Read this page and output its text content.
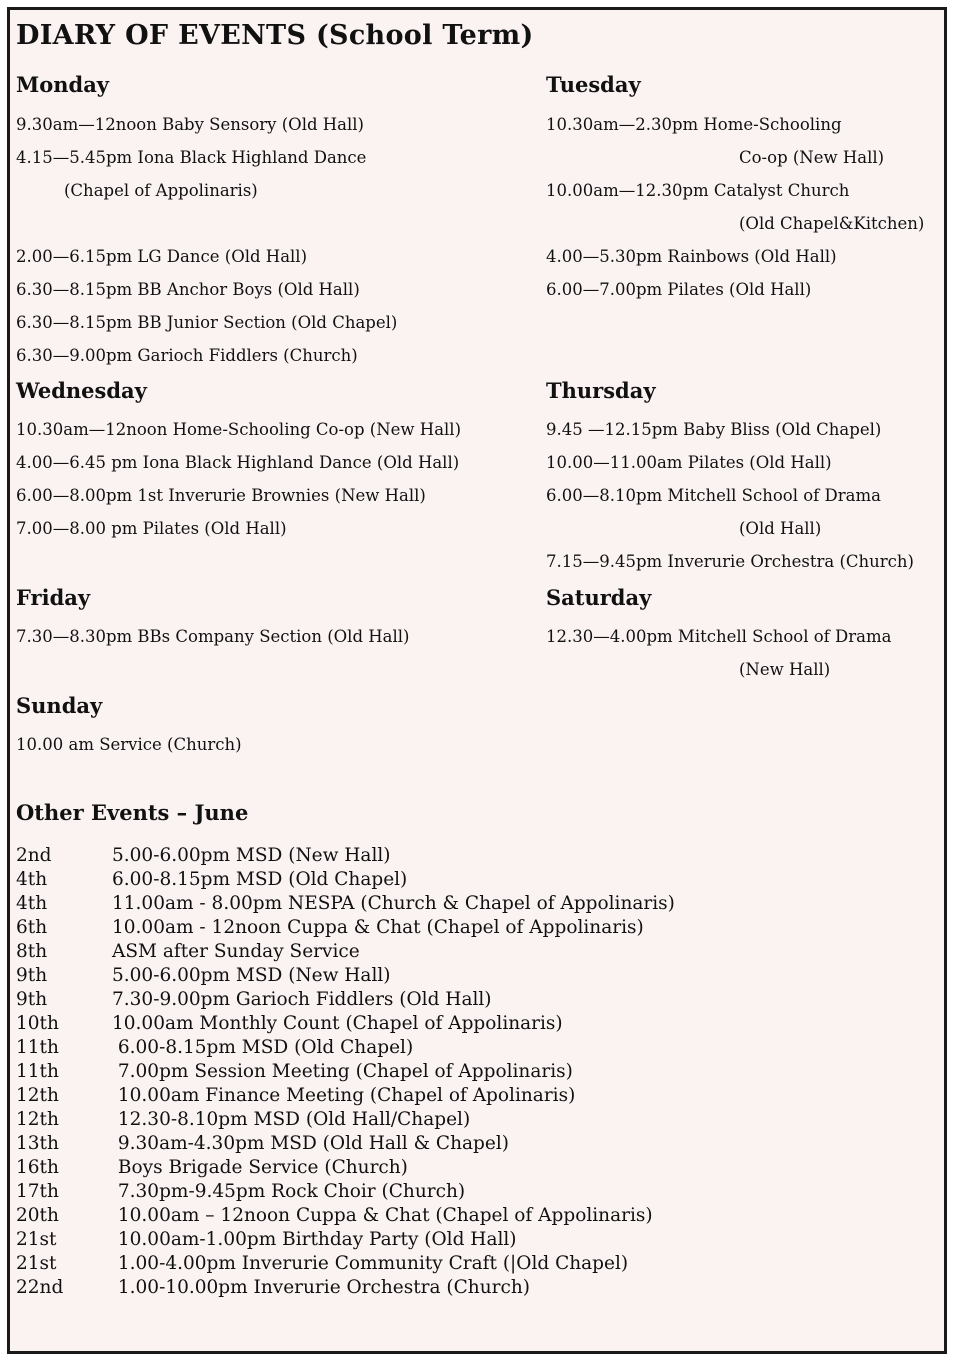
DIARY OF EVENTS (School Term)
Monday
9.30am—12noon Baby Sensory (Old Hall)
4.15—5.45pm Iona Black Highland Dance
(Chapel of Appolinaris)
2.00—6.15pm LG Dance (Old Hall)
6.30—8.15pm BB Anchor Boys (Old Hall)
6.30—8.15pm BB Junior Section (Old Chapel)
6.30—9.00pm Garioch Fiddlers (Church)
Tuesday
10.30am—2.30pm Home-Schooling
Co-op (New Hall)
10.00am—12.30pm Catalyst Church
(Old Chapel&Kitchen)
4.00—5.30pm Rainbows (Old Hall)
6.00—7.00pm Pilates (Old Hall)
Wednesday
10.30am—12noon Home-Schooling Co-op (New Hall)
4.00—6.45 pm Iona Black Highland Dance (Old Hall)
6.00—8.00pm 1st Inverurie Brownies (New Hall)
7.00—8.00 pm Pilates (Old Hall)
Thursday
9.45 —12.15pm Baby Bliss (Old Chapel)
10.00—11.00am Pilates (Old Hall)
6.00—8.10pm Mitchell School of Drama
(Old Hall)
7.15—9.45pm Inverurie Orchestra (Church)
Friday
7.30—8.30pm BBs Company Section (Old Hall)
Saturday
12.30—4.00pm Mitchell School of Drama
(New Hall)
Sunday
10.00 am Service (Church)
Other Events – June
2nd	5.00-6.00pm MSD (New Hall)
4th	6.00-8.15pm MSD (Old Chapel)
4th	11.00am - 8.00pm NESPA (Church & Chapel of Appolinaris)
6th	10.00am - 12noon Cuppa & Chat (Chapel of Appolinaris)
8th	ASM after Sunday Service
9th	5.00-6.00pm MSD (New Hall)
9th	7.30-9.00pm Garioch Fiddlers (Old Hall)
10th	10.00am Monthly Count (Chapel of Appolinaris)
11th	6.00-8.15pm MSD (Old Chapel)
11th	7.00pm Session Meeting (Chapel of Appolinaris)
12th	10.00am Finance Meeting (Chapel of Apolinaris)
12th	12.30-8.10pm MSD (Old Hall/Chapel)
13th	9.30am-4.30pm MSD (Old Hall & Chapel)
16th	Boys Brigade Service (Church)
17th	7.30pm-9.45pm Rock Choir (Church)
20th	10.00am – 12noon Cuppa & Chat (Chapel of Appolinaris)
21st	10.00am-1.00pm Birthday Party (Old Hall)
21st	1.00-4.00pm Inverurie Community Craft (|Old Chapel)
22nd	1.00-10.00pm Inverurie Orchestra (Church)
